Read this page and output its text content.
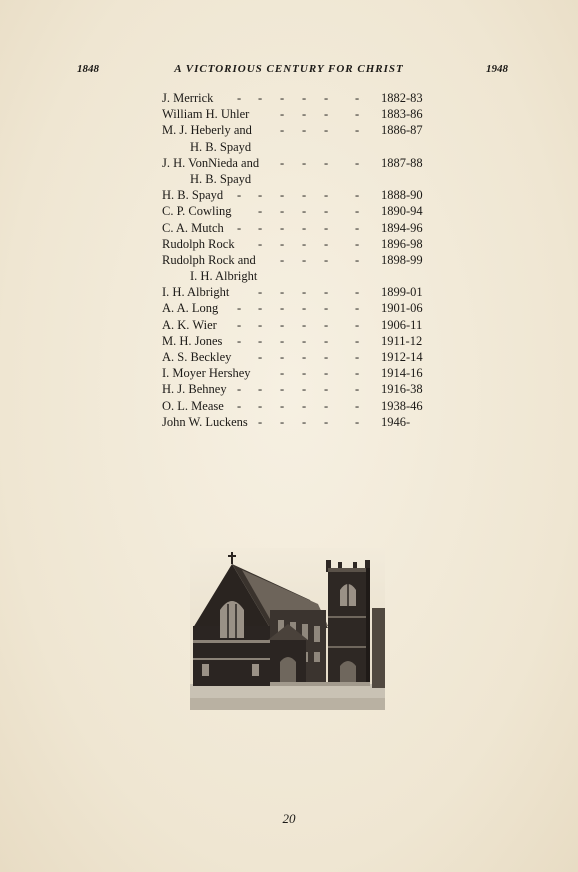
1848	A VICTORIOUS CENTURY FOR CHRIST	1948
J. Merrick - - - - - - 1882-83
William H. Uhler - - - - 1883-86
M. J. Heberly and - - - - 1886-87
H. B. Spayd
J. H. VonNieda and - - - - 1887-88
H. B. Spayd
H. B. Spayd - - - - - - 1888-90
C. P. Cowling - - - - - 1890-94
C. A. Mutch - - - - - - 1894-96
Rudolph Rock - - - - - 1896-98
Rudolph Rock and - - - - 1898-99
I. H. Albright
I. H. Albright - - - - - 1899-01
A. A. Long - - - - - - 1901-06
A. K. Wier - - - - - - 1906-11
M. H. Jones - - - - - - 1911-12
A. S. Beckley - - - - - 1912-14
I. Moyer Hershey - - - - 1914-16
H. J. Behney - - - - - - 1916-38
O. L. Mease - - - - - - 1938-46
John W. Luckens - - - - - 1946-
20
